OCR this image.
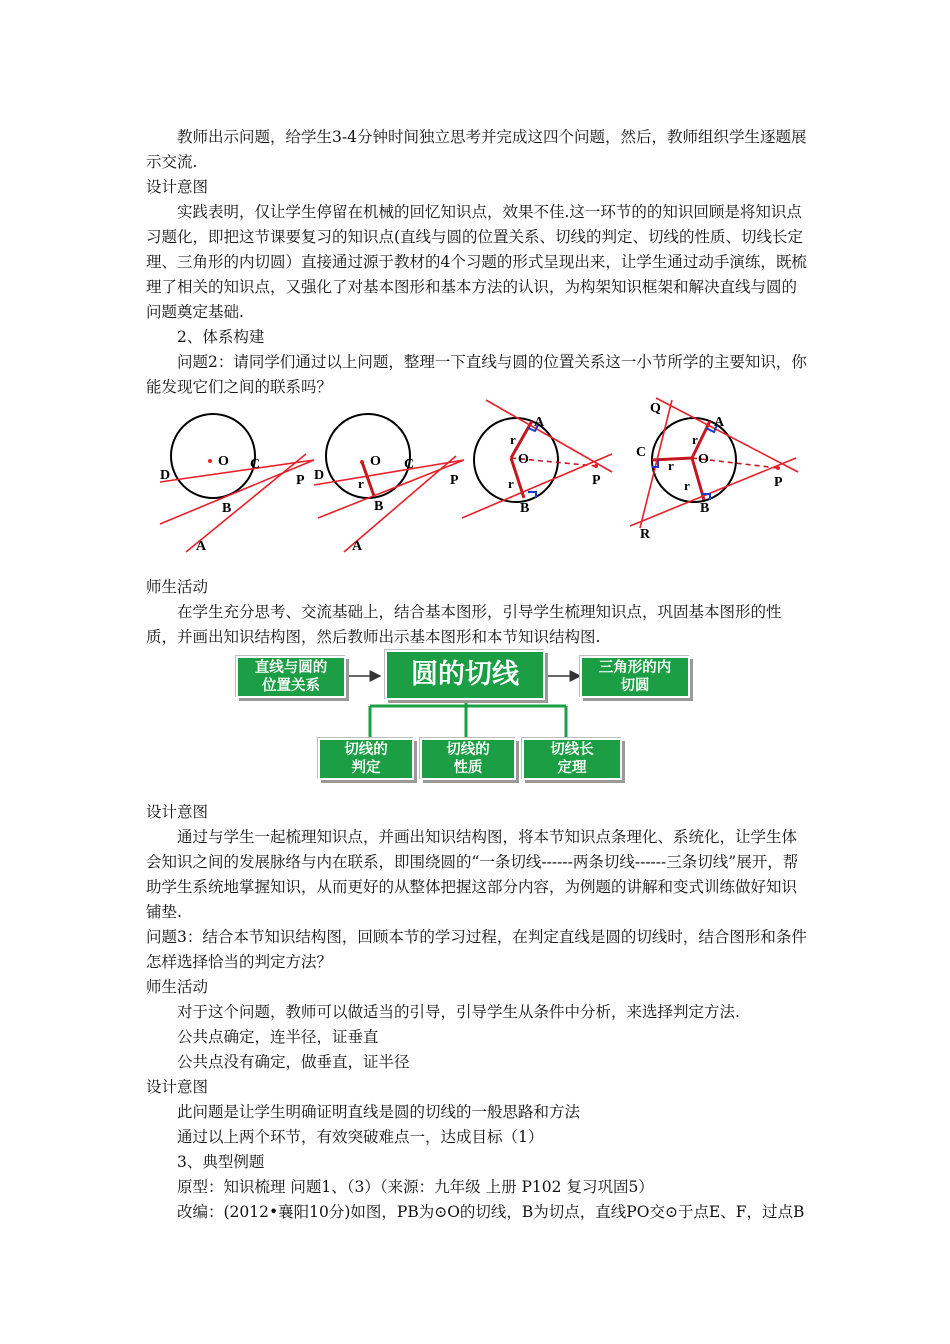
教师出示问题，给学生3-4分钟时间独立思考并完成这四个问题，然后，教师组织学生逐题展示交流.
设计意图
实践表明，仅让学生停留在机械的回忆知识点，效果不佳.这一环节的的知识回顾是将知识点习题化，即把这节课要复习的知识点(直线与圆的位置关系、切线的判定、切线的性质、切线长定理、三角形的内切圆）直接通过源于教材的4个习题的形式呈现出来，让学生通过动手演练，既梳理了相关的知识点，又强化了对基本图形和基本方法的认识，为构架知识框架和解决直线与圆的问题奠定基础.
2、体系构建
问题2：请同学们通过以上问题，整理一下直线与圆的位置关系这一小节所学的主要知识，你能发现它们之间的联系吗？
D
O C
P
B
A
D
O C
r	P
B
A
A
r
O
r	P
B
Q
A
r
C
r O
r	P
B
R
师生活动
在学生充分思考、交流基础上，结合基本图形，引导学生梳理知识点，巩固基本图形的性质，并画出知识结构图，然后教师出示基本图形和本节知识结构图.
直线与圆的
位置关系	圆的切线	三角形的内
切圆
切线的
判定
切线的
性质
切线长
定理
设计意图
通过与学生一起梳理知识点，并画出知识结构图，将本节知识点条理化、系统化，让学生体会知识之间的发展脉络与内在联系，即围绕圆的“一条切线------两条切线------三条切线”展开，帮助学生系统地掌握知识，从而更好的从整体把握这部分内容，为例题的讲解和变式训练做好知识铺垫.
问题3：结合本节知识结构图，回顾本节的学习过程，在判定直线是圆的切线时，结合图形和条件怎样选择恰当的判定方法？
师生活动
对于这个问题，教师可以做适当的引导，引导学生从条件中分析，来选择判定方法.
公共点确定，连半径，证垂直
公共点没有确定，做垂直，证半径
设计意图
此问题是让学生明确证明直线是圆的切线的一般思路和方法
通过以上两个环节，有效突破难点一，达成目标（1）
3、典型例题
原型：知识梳理 问题1、（3）（来源：九年级 上册 P102 复习巩固5）
改编：(2012•襄阳10分)如图，PB为⊙O的切线，B为切点，直线PO交⊙于点E、F，过点B
